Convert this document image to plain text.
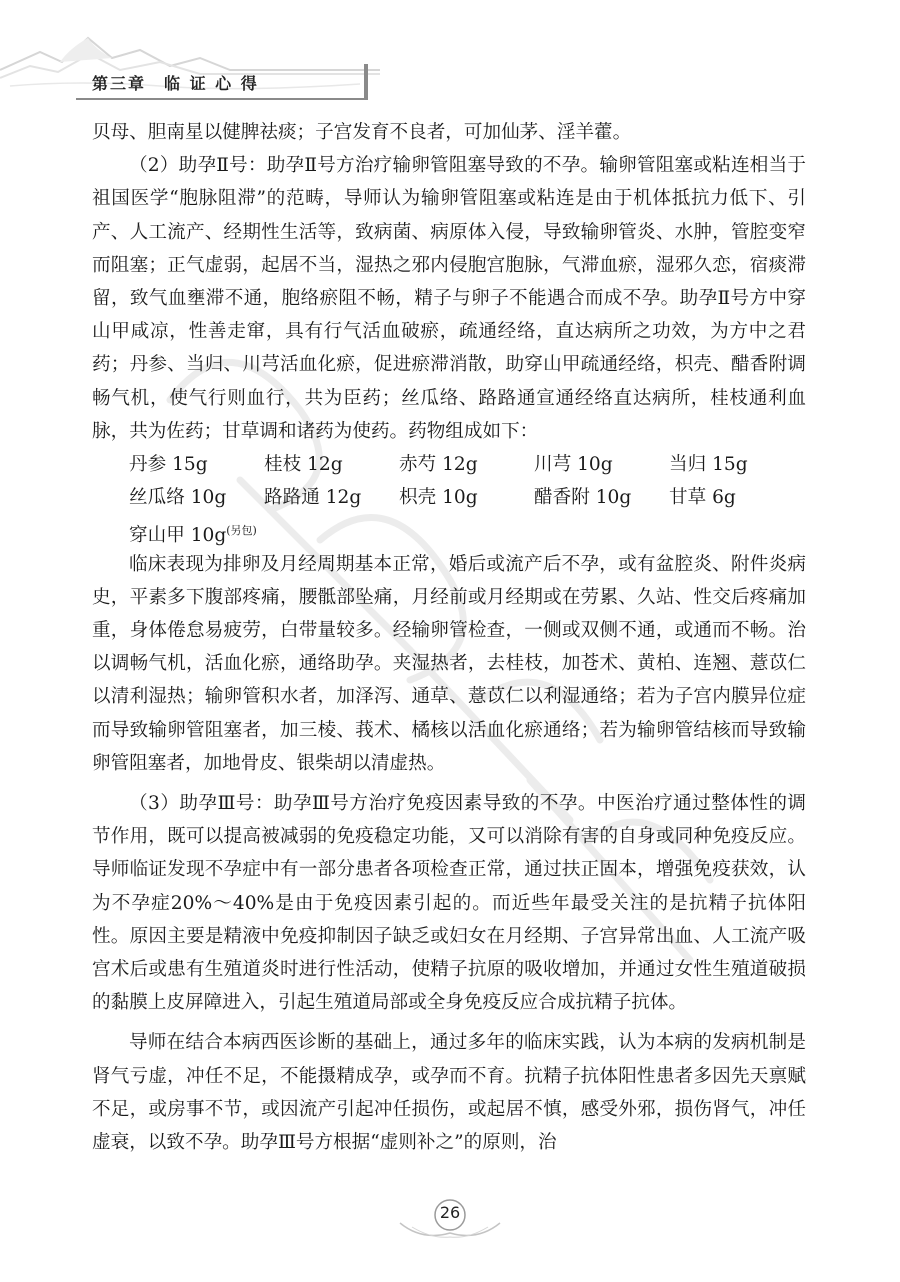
第三章 临 证 心 得

贝母、胆南星以健脾祛痰；子宫发育不良者，可加仙茅、淫羊藿。

（2）助孕Ⅱ号：助孕Ⅱ号方治疗输卵管阻塞导致的不孕。输卵管阻塞或粘连相当于祖国医学“胞脉阻滞”的范畴，导师认为输卵管阻塞或粘连是由于机体抵抗力低下、引产、人工流产、经期性生活等，致病菌、病原体入侵，导致输卵管炎、水肿，管腔变窄而阻塞；正气虚弱，起居不当，湿热之邪内侵胞宫胞脉，气滞血瘀，湿邪久恋，宿痰滞留，致气血壅滞不通，胞络瘀阻不畅，精子与卵子不能遇合而成不孕。助孕Ⅱ号方中穿山甲咸凉，性善走窜，具有行气活血破瘀，疏通经络，直达病所之功效，为方中之君药；丹参、当归、川芎活血化瘀，促进瘀滞消散，助穿山甲疏通经络，枳壳、醋香附调畅气机，使气行则血行，共为臣药；丝瓜络、路路通宣通经络直达病所，桂枝通利血脉，共为佐药；甘草调和诸药为使药。药物组成如下：

丹参 15g	桂枝 12g	赤芍 12g	川芎 10g	当归 15g
丝瓜络 10g	路路通 12g	枳壳 10g	醋香附 10g	甘草 6g
穿山甲 $10g^{(另包)}$

临床表现为排卵及月经周期基本正常，婚后或流产后不孕，或有盆腔炎、附件炎病史，平素多下腹部疼痛，腰骶部坠痛，月经前或月经期或在劳累、久站、性交后疼痛加重，身体倦怠易疲劳，白带量较多。经输卵管检查，一侧或双侧不通，或通而不畅。治以调畅气机，活血化瘀，通络助孕。夹湿热者，去桂枝，加苍术、黄柏、连翘、薏苡仁以清利湿热；输卵管积水者，加泽泻、通草、薏苡仁以利湿通络；若为子宫内膜异位症而导致输卵管阻塞者，加三棱、莪术、橘核以活血化瘀通络；若为输卵管结核而导致输卵管阻塞者，加地骨皮、银柴胡以清虚热。

（3）助孕Ⅲ号：助孕Ⅲ号方治疗免疫因素导致的不孕。中医治疗通过整体性的调节作用，既可以提高被减弱的免疫稳定功能，又可以消除有害的自身或同种免疫反应。导师临证发现不孕症中有一部分患者各项检查正常，通过扶正固本，增强免疫获效，认为不孕症20%～40%是由于免疫因素引起的。而近些年最受关注的是抗精子抗体阳性。原因主要是精液中免疫抑制因子缺乏或妇女在月经期、子宫异常出血、人工流产吸宫术后或患有生殖道炎时进行性活动，使精子抗原的吸收增加，并通过女性生殖道破损的黏膜上皮屏障进入，引起生殖道局部或全身免疫反应合成抗精子抗体。

导师在结合本病西医诊断的基础上，通过多年的临床实践，认为本病的发病机制是肾气亏虚，冲任不足，不能摄精成孕，或孕而不育。抗精子抗体阳性患者多因先天禀赋不足，或房事不节，或因流产引起冲任损伤，或起居不慎，感受外邪，损伤肾气，冲任虚衰，以致不孕。助孕Ⅲ号方根据“虚则补之”的原则，治

26
